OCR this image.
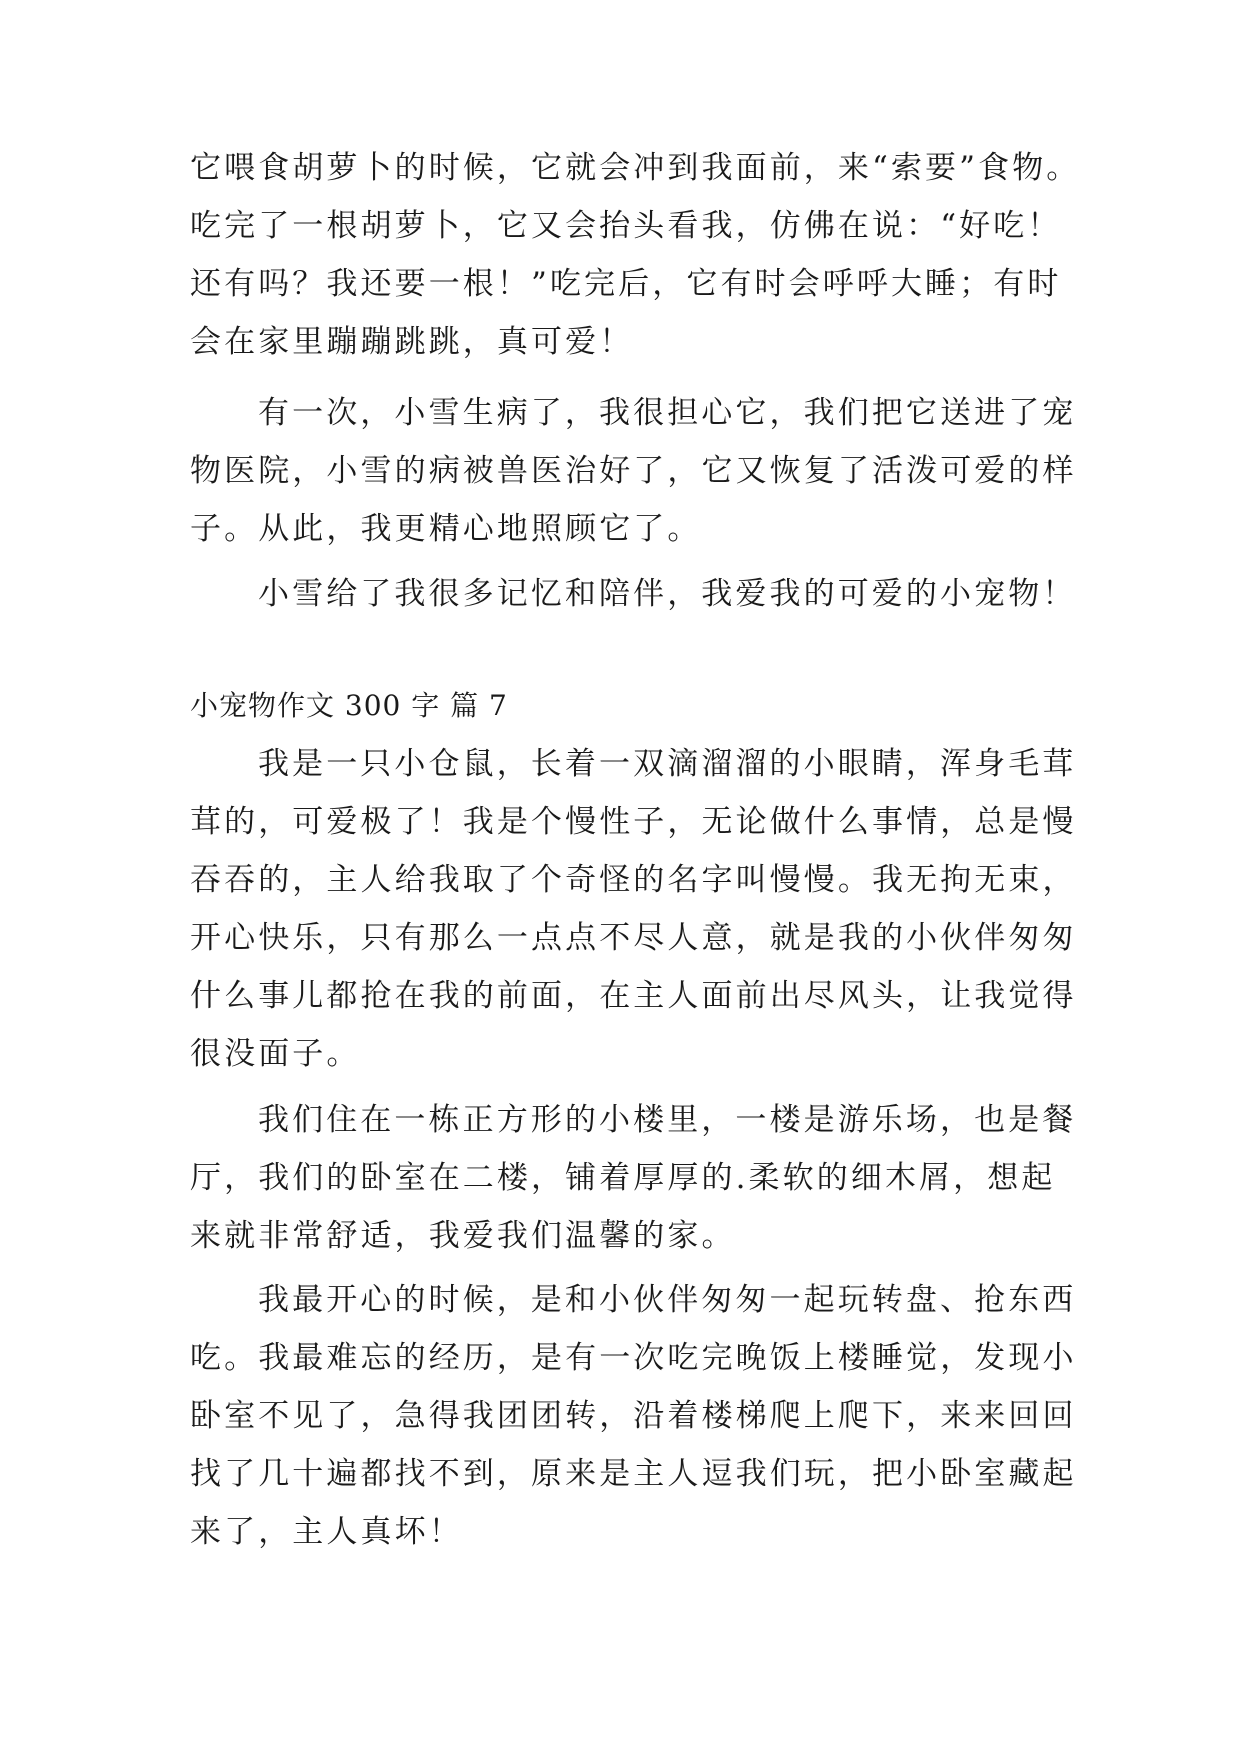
它喂食胡萝卜的时候，它就会冲到我面前，来“索要”食物。
吃完了一根胡萝卜，它又会抬头看我，仿佛在说：“好吃！
还有吗？我还要一根！”吃完后，它有时会呼呼大睡；有时
会在家里蹦蹦跳跳，真可爱！
有一次，小雪生病了，我很担心它，我们把它送进了宠
物医院，小雪的病被兽医治好了，它又恢复了活泼可爱的样
子。从此，我更精心地照顾它了。
小雪给了我很多记忆和陪伴，我爱我的可爱的小宠物！
小宠物作文 300 字 篇 7
我是一只小仓鼠，长着一双滴溜溜的小眼睛，浑身毛茸
茸的，可爱极了！我是个慢性子，无论做什么事情，总是慢
吞吞的，主人给我取了个奇怪的名字叫慢慢。我无拘无束，
开心快乐，只有那么一点点不尽人意，就是我的小伙伴匆匆
什么事儿都抢在我的前面，在主人面前出尽风头，让我觉得
很没面子。
我们住在一栋正方形的小楼里，一楼是游乐场，也是餐
厅，我们的卧室在二楼，铺着厚厚的.柔软的细木屑，想起
来就非常舒适，我爱我们温馨的家。
我最开心的时候，是和小伙伴匆匆一起玩转盘、抢东西
吃。我最难忘的经历，是有一次吃完晚饭上楼睡觉，发现小
卧室不见了，急得我团团转，沿着楼梯爬上爬下，来来回回
找了几十遍都找不到，原来是主人逗我们玩，把小卧室藏起
来了，主人真坏！
